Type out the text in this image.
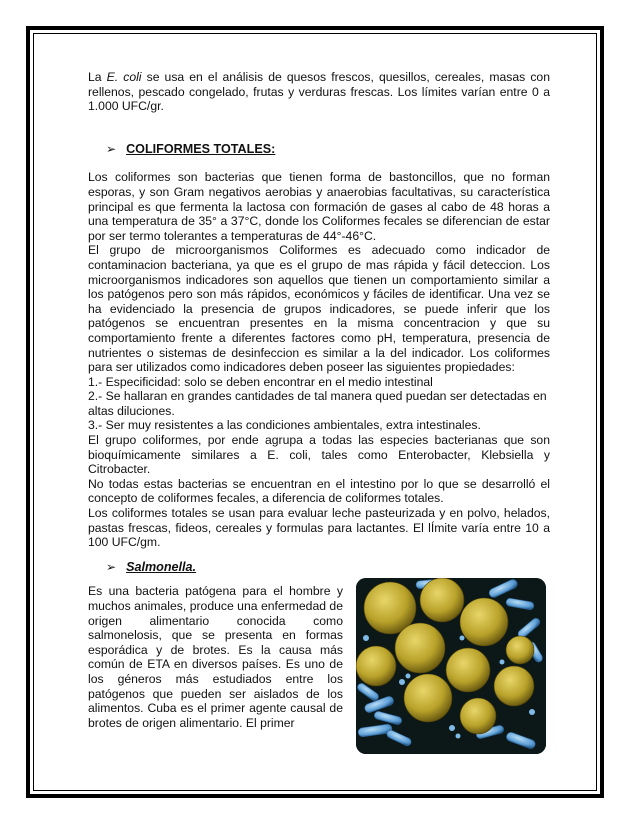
La E. coli se usa en el análisis de quesos frescos, quesillos, cereales, masas con rellenos, pescado congelado, frutas y verduras frescas. Los límites varían entre 0 a 1.000 UFC/gr.

➢ COLIFORMES TOTALES:

Los coliformes son bacterias que tienen forma de bastoncillos, que no forman esporas, y son Gram negativos aerobias y anaerobias facultativas, su característica principal es que fermenta la lactosa con formación de gases al cabo de 48 horas a una temperatura de 35° a 37°C, donde los Coliformes fecales se diferencian de estar por ser termo tolerantes a temperaturas de 44°-46°C.

El grupo de microorganismos Coliformes es adecuado como indicador de contaminacion bacteriana, ya que es el grupo de mas rápida y fácil deteccion. Los microorganismos indicadores son aquellos que tienen un comportamiento similar a los patógenos pero son más rápidos, económicos y fáciles de identificar. Una vez se ha evidenciado la presencia de grupos indicadores, se puede inferir que los patógenos se encuentran presentes en la misma concentracion y que su comportamiento frente a diferentes factores como pH, temperatura, presencia de nutrientes o sistemas de desinfeccion es similar a la del indicador. Los coliformes para ser utilizados como indicadores deben poseer las siguientes propiedades:

1.- Especificidad: solo se deben encontrar en el medio intestinal

2.- Se hallaran en grandes cantidades de tal manera qued puedan ser detectadas en altas diluciones.

3.- Ser muy resistentes a las condiciones ambientales, extra intestinales.

El grupo coliformes, por ende agrupa a todas las especies bacterianas que son bioquímicamente similares a E. coli, tales como Enterobacter, Klebsiella y Citrobacter.

No todas estas bacterias se encuentran en el intestino por lo que se desarrolló el concepto de coliformes fecales, a diferencia de coliformes totales.

Los coliformes totales se usan para evaluar leche pasteurizada y en polvo, helados, pastas frescas, fideos, cereales y formulas para lactantes. El lÍmite varía entre 10 a 100 UFC/gm.

➢ Salmonella.

Es una bacteria patógena para el hombre y muchos animales, produce una enfermedad de origen alimentario conocida como salmonelosis, que se presenta en formas esporádica y de brotes. Es la causa más común de ETA en diversos países. Es uno de los géneros más estudiados entre los patógenos que pueden ser aislados de los alimentos. Cuba es el primer agente causal de brotes de origen alimentario. El primer
